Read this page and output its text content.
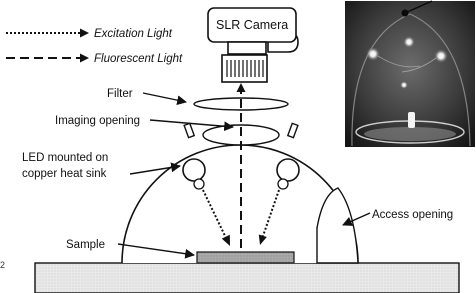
Excitation Light
Fluorescent Light
SLR Camera
Filter
Imaging opening
LED mounted on
copper heat sink
Access opening
Sample
2
